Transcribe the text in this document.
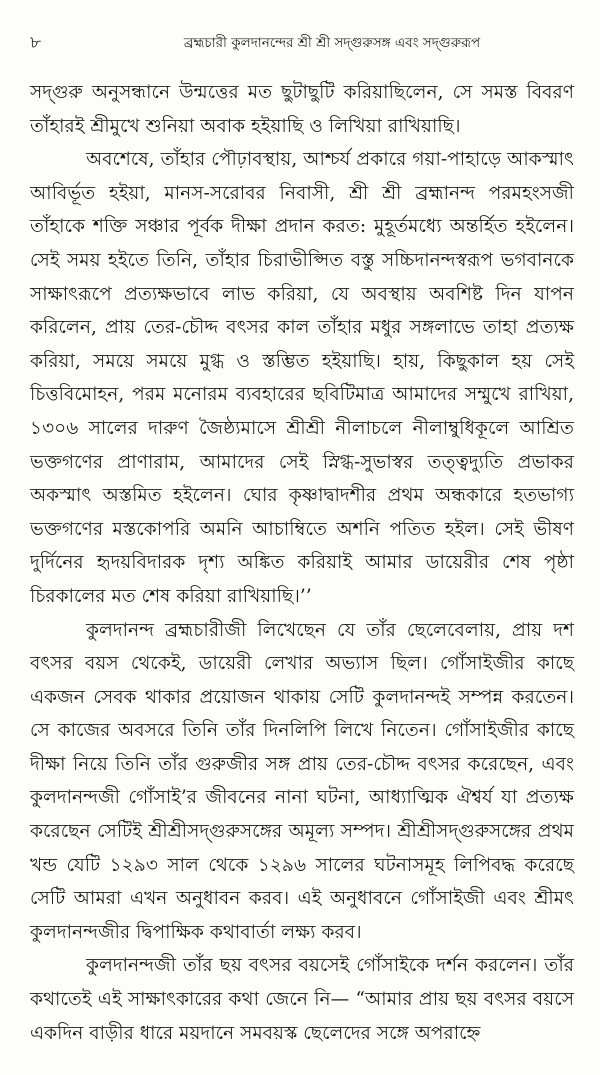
৮	ব্রহ্মচারী কুলদানন্দের শ্রী শ্রী সদ্‌গুরুসঙ্গ এবং সদ্‌গুরুরূপ

সদ্‌গুরু অনুসন্ধানে উন্মত্তের মত ছুটাছুটি করিয়াছিলেন, সে সমস্ত বিবরণ তাঁহারই শ্রীমুখে শুনিয়া অবাক হইয়াছি ও লিখিয়া রাখিয়াছি।

অবশেষে, তাঁহার পৌঢ়াবস্থায়, আশ্চর্য প্রকারে গয়া-পাহাড়ে আকস্মাৎ আবির্ভূত হইয়া, মানস-সরোবর নিবাসী, শ্রী শ্রী ব্রহ্মানন্দ পরমহংসজী তাঁহাকে শক্তি সঞ্চার পূর্বক দীক্ষা প্রদান করত: মুহূর্তমধ্যে অন্তর্হিত হইলেন। সেই সময় হইতে তিনি, তাঁহার চিরাভীপ্সিত বস্তু সচ্চিদানন্দস্বরূপ ভগবানকে সাক্ষাৎরূপে প্রত্যক্ষভাবে লাভ করিয়া, যে অবস্থায় অবশিষ্ট দিন যাপন করিলেন, প্রায় তের-চৌদ্দ বৎসর কাল তাঁহার মধুর সঙ্গলাভে তাহা প্রত্যক্ষ করিয়া, সময়ে সময়ে মুগ্ধ ও স্তম্ভিত হইয়াছি। হায়, কিছুকাল হয় সেই চিত্তবিমোহন, পরম মনোরম ব্যবহারের ছবিটিমাত্র আমাদের সম্মুখে রাখিয়া, ১৩০৬ সালের দারুণ জৈষ্ঠ্যমাসে শ্রীশ্রী নীলাচলে নীলাম্বুধিকূলে আশ্রিত ভক্তগণের প্রাণারাম, আমাদের সেই স্নিগ্ধ-সুভাস্বর তত্ত্বদ্যুতি প্রভাকর অকস্মাৎ অস্তমিত হইলেন। ঘোর কৃষ্ণাদ্বাদশীর প্রথম অন্ধকারে হতভাগ্য ভক্তগণের মস্তকোপরি অমনি আচাম্বিতে অশনি পতিত হইল। সেই ভীষণ দুর্দিনের হৃদয়বিদারক দৃশ্য অঙ্কিত করিয়াই আমার ডায়েরীর শেষ পৃষ্ঠা চিরকালের মত শেষ করিয়া রাখিয়াছি।’’

কুলদানন্দ ব্রহ্মচারীজী লিখেছেন যে তাঁর ছেলেবেলায়, প্রায় দশ বৎসর বয়স থেকেই, ডায়েরী লেখার অভ্যাস ছিল। গোঁসাইজীর কাছে একজন সেবক থাকার প্রয়োজন থাকায় সেটি কুলদানন্দই সম্পন্ন করতেন। সে কাজের অবসরে তিনি তাঁর দিনলিপি লিখে নিতেন। গোঁসাইজীর কাছে দীক্ষা নিয়ে তিনি তাঁর গুরুজীর সঙ্গ প্রায় তের-চৌদ্দ বৎসর করেছেন, এবং কুলদানন্দজী গোঁসাই’র জীবনের নানা ঘটনা, আধ্যাত্মিক ঐশ্বর্য যা প্রত্যক্ষ করেছেন সেটিই শ্রীশ্রীসদ্‌গুরুসঙ্গের অমূল্য সম্পদ। শ্রীশ্রীসদ্‌গুরুসঙ্গের প্রথম খন্ড যেটি ১২৯৩ সাল থেকে ১২৯৬ সালের ঘটনাসমূহ লিপিবদ্ধ করেছে সেটি আমরা এখন অনুধাবন করব। এই অনুধাবনে গোঁসাইজী এবং শ্রীমৎ কুলদানন্দজীর দ্বিপাক্ষিক কথাবার্তা লক্ষ্য করব।

কুলদানন্দজী তাঁর ছয় বৎসর বয়সেই গোঁসাইকে দর্শন করলেন। তাঁর কথাতেই এই সাক্ষাৎকারের কথা জেনে নি— “আমার প্রায় ছয় বৎসর বয়সে একদিন বাড়ীর ধারে ময়দানে সমবয়স্ক ছেলেদের সঙ্গে অপরাহ্নে
